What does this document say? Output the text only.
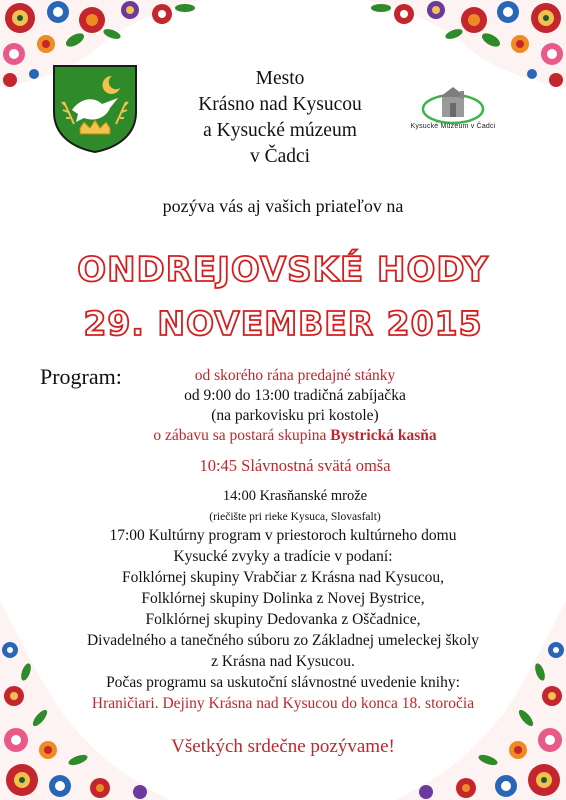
Kysucké Múzeum v Čadci
Mesto
Krásno nad Kysucou
a Kysucké múzeum
v Čadci
pozýva vás aj vašich priateľov na
ONDREJOVSKÉ HODY
29. NOVEMBER 2015
Program:	od skorého rána predajné stánky
od 9:00 do 13:00 tradičná zabíjačka
(na parkovisku pri kostole)
o zábavu sa postará skupina Bystrická kasňa
10:45 Slávnostná svätá omša
14:00 Krasňanské mrože
(riečište pri rieke Kysuca, Slovasfalt)
17:00 Kultúrny program v priestoroch kultúrneho domu
Kysucké zvyky a tradície v podaní:
Folklórnej skupiny Vrabčiar z Krásna nad Kysucou,
Folklórnej skupiny Dolinka z Novej Bystrice,
Folklórnej skupiny Dedovanka z Oščadnice,
Divadelného a tanečného súboru zo Základnej umeleckej školy
z Krásna nad Kysucou.
Počas programu sa uskutoční slávnostné uvedenie knihy:
Hraničiari. Dejiny Krásna nad Kysucou do konca 18. storočia
Všetkých srdečne pozývame!
